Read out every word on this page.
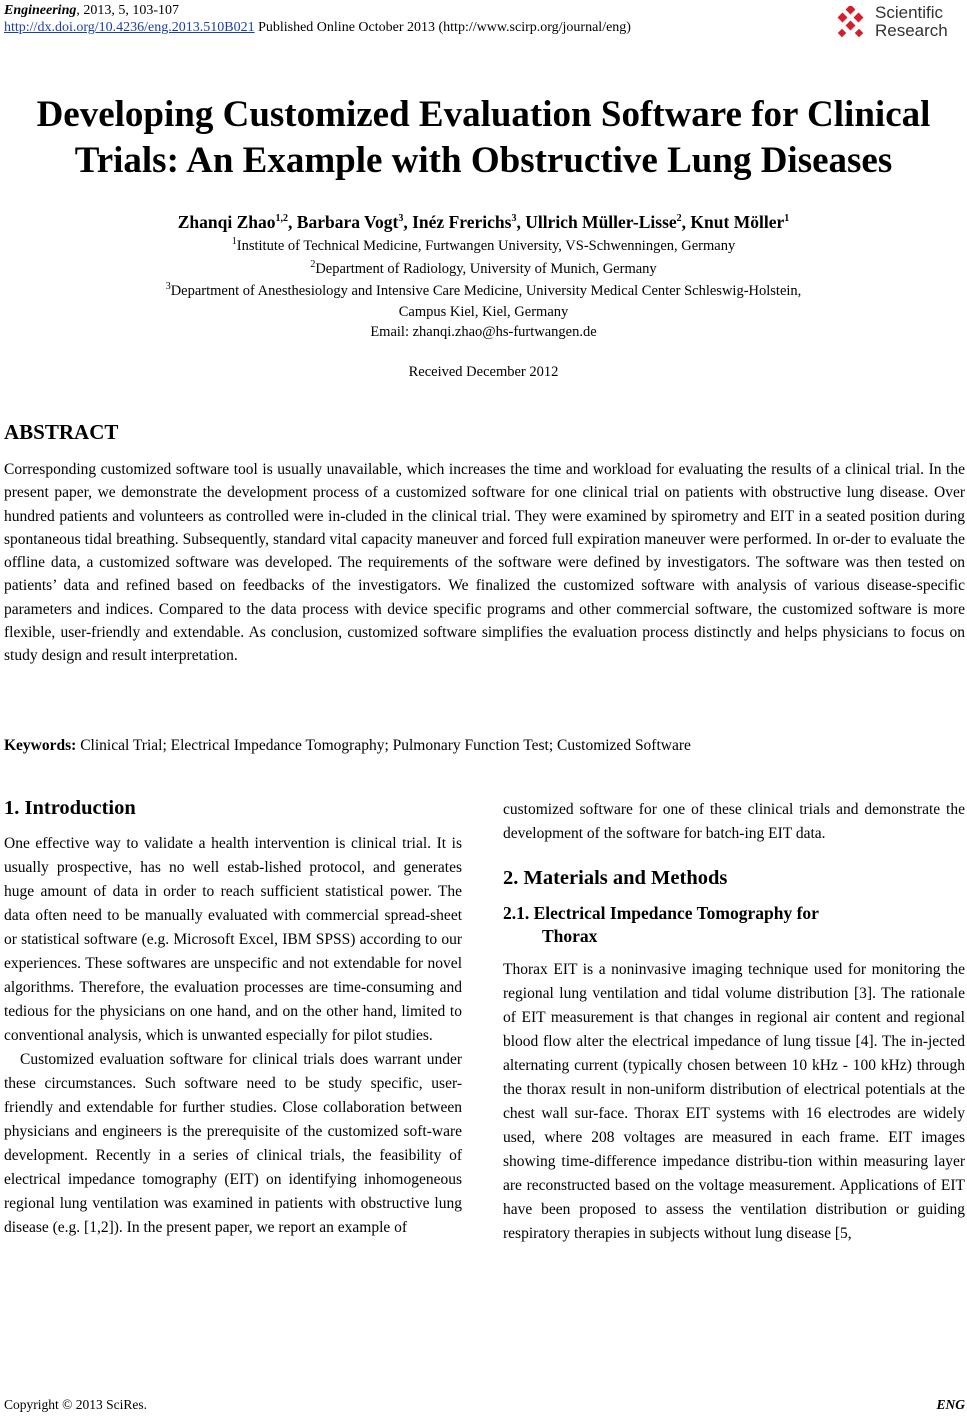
Engineering, 2013, 5, 103-107
http://dx.doi.org/10.4236/eng.2013.510B021 Published Online October 2013 (http://www.scirp.org/journal/eng)
Scientific
Research
Developing Customized Evaluation Software for Clinical
Trials: An Example with Obstructive Lung Diseases
Zhanqi Zhao$^{1,2}$, Barbara Vogt$^3$, Inéz Frerichs$^3$, Ullrich Müller-Lisse$^2$, Knut Möller$^1$
$^1$Institute of Technical Medicine, Furtwangen University, VS-Schwenningen, Germany
$^2$Department of Radiology, University of Munich, Germany
$^3$Department of Anesthesiology and Intensive Care Medicine, University Medical Center Schleswig-Holstein,
Campus Kiel, Kiel, Germany
Email: zhanqi.zhao@hs-furtwangen.de
Received December 2012
ABSTRACT
Corresponding customized software tool is usually unavailable, which increases the time and workload for evaluating the results of a clinical trial. In the present paper, we demonstrate the development process of a customized software for one clinical trial on patients with obstructive lung disease. Over hundred patients and volunteers as controlled were in-cluded in the clinical trial. They were examined by spirometry and EIT in a seated position during spontaneous tidal breathing. Subsequently, standard vital capacity maneuver and forced full expiration maneuver were performed. In or-der to evaluate the offline data, a customized software was developed. The requirements of the software were defined by investigators. The software was then tested on patients’ data and refined based on feedbacks of the investigators. We finalized the customized software with analysis of various disease-specific parameters and indices. Compared to the data process with device specific programs and other commercial software, the customized software is more flexible, user-friendly and extendable. As conclusion, customized software simplifies the evaluation process distinctly and helps physicians to focus on study design and result interpretation.
Keywords: Clinical Trial; Electrical Impedance Tomography; Pulmonary Function Test; Customized Software
1. Introduction

One effective way to validate a health intervention is clinical trial. It is usually prospective, has no well estab-lished protocol, and generates huge amount of data in order to reach sufficient statistical power. The data often need to be manually evaluated with commercial spread-sheet or statistical software (e.g. Microsoft Excel, IBM SPSS) according to our experiences. These softwares are unspecific and not extendable for novel algorithms. Therefore, the evaluation processes are time-consuming and tedious for the physicians on one hand, and on the other hand, limited to conventional analysis, which is unwanted especially for pilot studies.

Customized evaluation software for clinical trials does warrant under these circumstances. Such software need to be study specific, user-friendly and extendable for further studies. Close collaboration between physicians and engineers is the prerequisite of the customized soft-ware development. Recently in a series of clinical trials, the feasibility of electrical impedance tomography (EIT) on identifying inhomogeneous regional lung ventilation was examined in patients with obstructive lung disease (e.g. [1,2]). In the present paper, we report an example of

customized software for one of these clinical trials and demonstrate the development of the software for batch-ing EIT data.

2. Materials and Methods
2.1. Electrical Impedance Tomography for
Thorax

Thorax EIT is a noninvasive imaging technique used for monitoring the regional lung ventilation and tidal volume distribution [3]. The rationale of EIT measurement is that changes in regional air content and regional blood flow alter the electrical impedance of lung tissue [4]. The in-jected alternating current (typically chosen between 10 kHz - 100 kHz) through the thorax result in non-uniform distribution of electrical potentials at the chest wall sur-face. Thorax EIT systems with 16 electrodes are widely used, where 208 voltages are measured in each frame. EIT images showing time-difference impedance distribu-tion within measuring layer are reconstructed based on the voltage measurement. Applications of EIT have been proposed to assess the ventilation distribution or guiding respiratory therapies in subjects without lung disease [5,

Copyright © 2013 SciRes.	ENG
